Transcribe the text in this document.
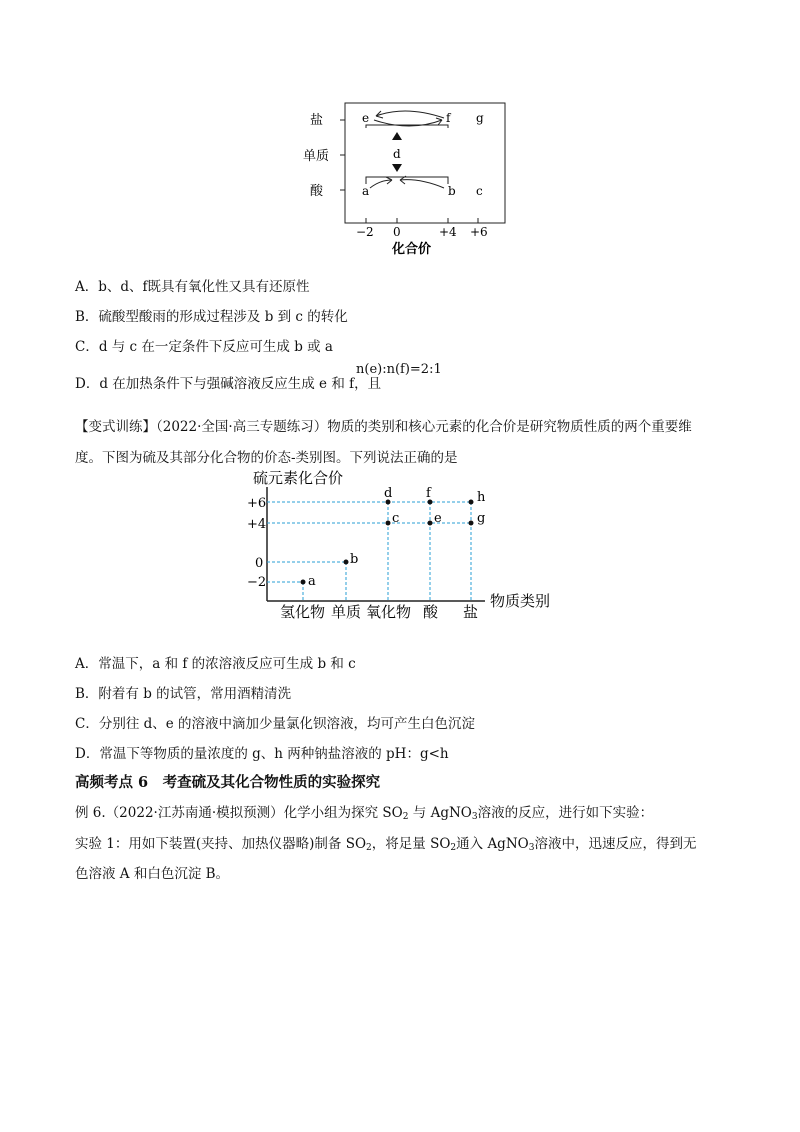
盐
单质
酸
e	f g
d
a	b c
−2 0	+4 +6
化合价
A．b、d、f既具有氧化性又具有还原性
B．硫酸型酸雨的形成过程涉及 b 到 c 的转化
C．d 与 c 在一定条件下反应可生成 b 或 a
D．d 在加热条件下与强碱溶液反应生成 e 和 f，且
n(e):n(f)=2:1
【变式训练】（2022·全国·高三专题练习）物质的类别和核心元素的化合价是研究物质性质的两个重要维
度。下图为硫及其部分化合物的价态-类别图。下列说法正确的是
硫元素化合价
物质类别
+6
+4
0
−2	a
b
c
d
e
f
g
h
氢化物 单质 氧化物 酸 盐
A．常温下，a 和 f 的浓溶液反应可生成 b 和 c
B．附着有 b 的试管，常用酒精清洗
C．分别往 d、e 的溶液中滴加少量氯化钡溶液，均可产生白色沉淀
D．常温下等物质的量浓度的 g、h 两种钠盐溶液的 pH：g<h
高频考点 6　考查硫及其化合物性质的实验探究
例 6.（2022·江苏南通·模拟预测）化学小组为探究 $SO_2$ 与 AgNO$_3$溶液的反应，进行如下实验：
实验 1：用如下装置(夹持、加热仪器略)制备 $SO_2$，将足量 $SO_2$通入 AgNO$_3$溶液中，迅速反应，得到无
色溶液 A 和白色沉淀 B。
